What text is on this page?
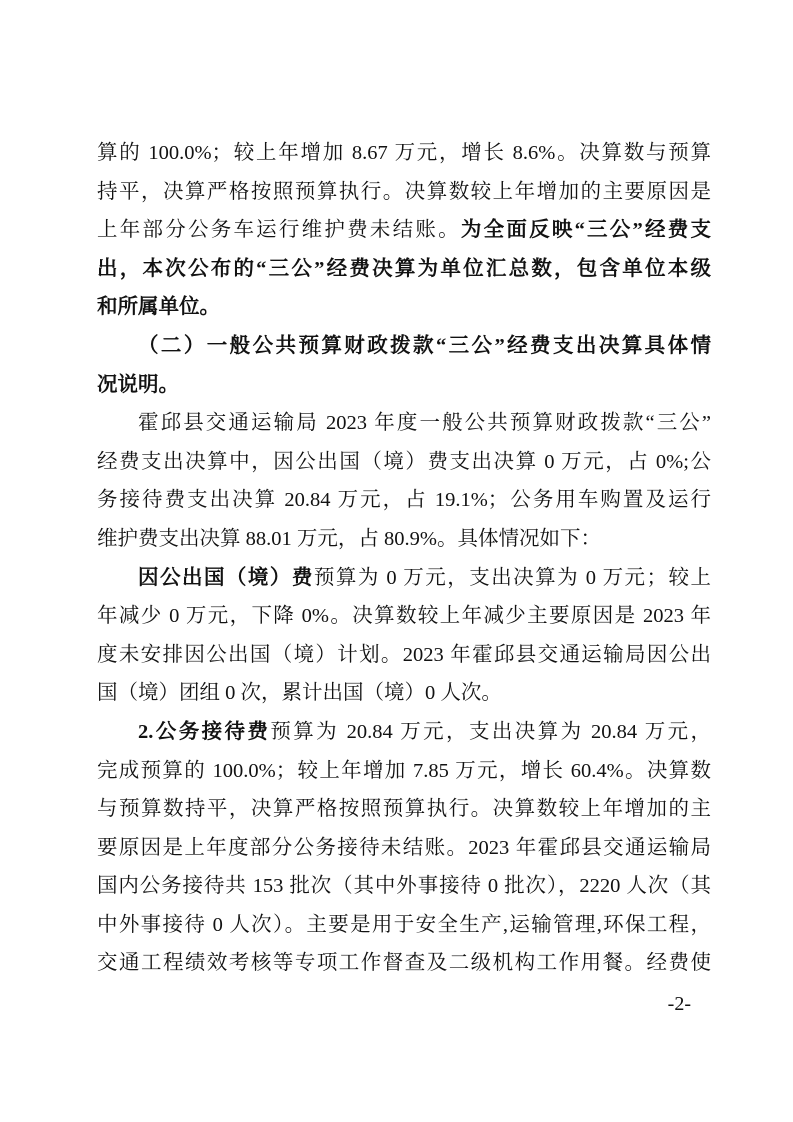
算的 100.0%；较上年增加 8.67 万元，增长 8.6%。决算数与预算
持平，决算严格按照预算执行。决算数较上年增加的主要原因是
上年部分公务车运行维护费未结账。为全面反映“三公”经费支
出，本次公布的“三公”经费决算为单位汇总数，包含单位本级
和所属单位。
（二）一般公共预算财政拨款“三公”经费支出决算具体情
况说明。
霍邱县交通运输局 2023 年度一般公共预算财政拨款“三公”
经费支出决算中，因公出国（境）费支出决算 0 万元，占 0%;公
务接待费支出决算 20.84 万元，占 19.1%；公务用车购置及运行
维护费支出决算 88.01 万元，占 80.9%。具体情况如下：
因公出国（境）费预算为 0 万元，支出决算为 0 万元；较上
年减少 0 万元，下降 0%。决算数较上年减少主要原因是 2023 年
度未安排因公出国（境）计划。2023 年霍邱县交通运输局因公出
国（境）团组 0 次，累计出国（境）0 人次。
2.公务接待费预算为 20.84 万元，支出决算为 20.84 万元，
完成预算的 100.0%；较上年增加 7.85 万元，增长 60.4%。决算数
与预算数持平，决算严格按照预算执行。决算数较上年增加的主
要原因是上年度部分公务接待未结账。2023 年霍邱县交通运输局
国内公务接待共 153 批次（其中外事接待 0 批次），2220 人次（其
中外事接待 0 人次）。主要是用于安全生产,运输管理,环保工程，
交通工程绩效考核等专项工作督查及二级机构工作用餐。经费使
-2-
